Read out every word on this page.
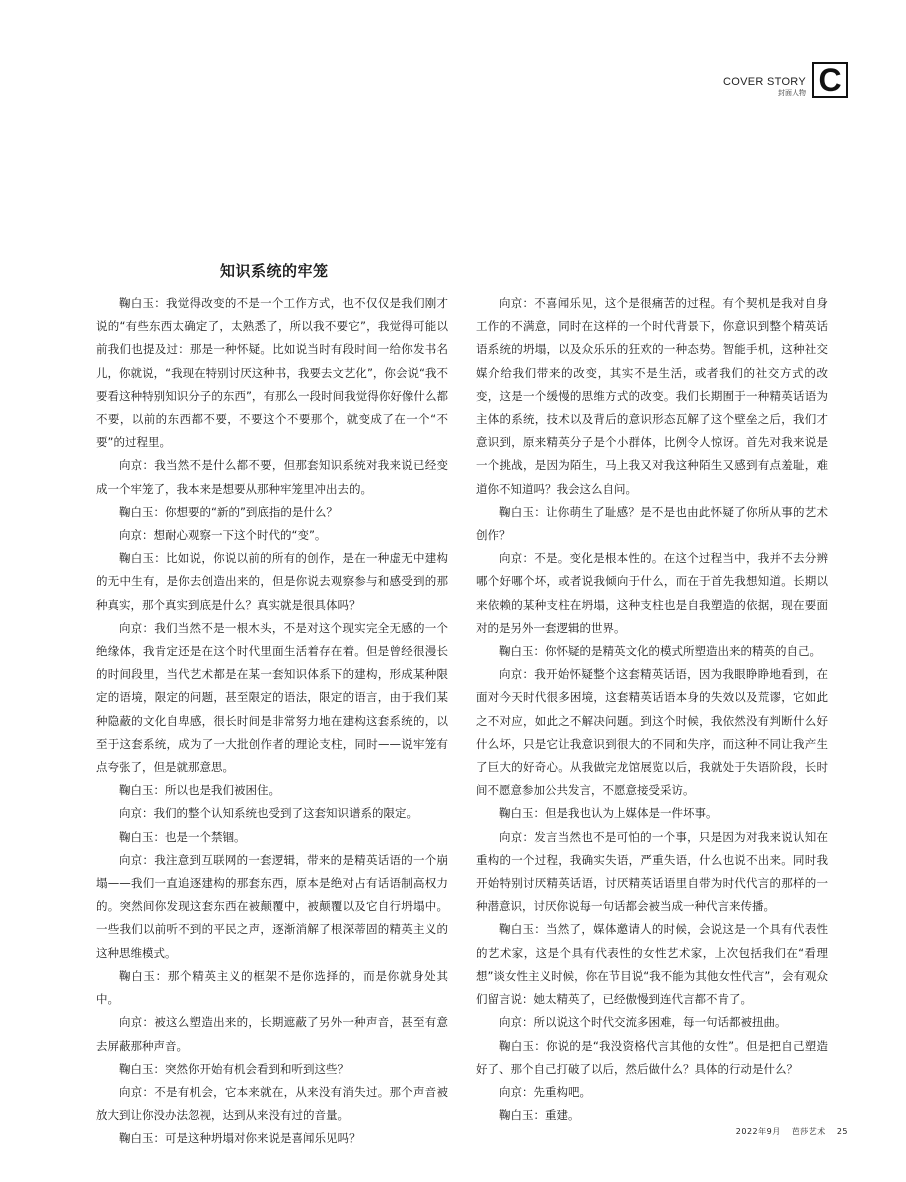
COVER STORY
封面人物 C
知识系统的牢笼

鞠白玉：我觉得改变的不是一个工作方式，也不仅仅是我们刚才说的“有些东西太确定了，太熟悉了，所以我不要它”，我觉得可能以前我们也提及过：那是一种怀疑。比如说当时有段时间一给你发书名儿，你就说，“我现在特别讨厌这种书，我要去文艺化”，你会说“我不要看这种特别知识分子的东西”，有那么一段时间我觉得你好像什么都不要，以前的东西都不要，不要这个不要那个，就变成了在一个“不要”的过程里。

向京：我当然不是什么都不要，但那套知识系统对我来说已经变成一个牢笼了，我本来是想要从那种牢笼里冲出去的。

鞠白玉：你想要的“新的”到底指的是什么？

向京：想耐心观察一下这个时代的“变”。

鞠白玉：比如说，你说以前的所有的创作，是在一种虚无中建构的无中生有，是你去创造出来的，但是你说去观察参与和感受到的那种真实，那个真实到底是什么？真实就是很具体吗？

向京：我们当然不是一根木头，不是对这个现实完全无感的一个绝缘体，我肯定还是在这个时代里面生活着存在着。但是曾经很漫长的时间段里，当代艺术都是在某一套知识体系下的建构，形成某种限定的语境，限定的问题，甚至限定的语法，限定的语言，由于我们某种隐蔽的文化自卑感，很长时间是非常努力地在建构这套系统的，以至于这套系统，成为了一大批创作者的理论支柱，同时——说牢笼有点夸张了，但是就那意思。

鞠白玉：所以也是我们被困住。

向京：我们的整个认知系统也受到了这套知识谱系的限定。

鞠白玉：也是一个禁锢。

向京：我注意到互联网的一套逻辑，带来的是精英话语的一个崩塌——我们一直追逐建构的那套东西，原本是绝对占有话语制高权力的。突然间你发现这套东西在被颠覆中，被颠覆以及它自行坍塌中。一些我们以前听不到的平民之声，逐渐消解了根深蒂固的精英主义的这种思维模式。

鞠白玉：那个精英主义的框架不是你选择的，而是你就身处其中。

向京：被这么塑造出来的，长期遮蔽了另外一种声音，甚至有意去屏蔽那种声音。

鞠白玉：突然你开始有机会看到和听到这些？

向京：不是有机会，它本来就在，从来没有消失过。那个声音被放大到让你没办法忽视，达到从来没有过的音量。

鞠白玉：可是这种坍塌对你来说是喜闻乐见吗？

向京：不喜闻乐见，这个是很痛苦的过程。有个契机是我对自身工作的不满意，同时在这样的一个时代背景下，你意识到整个精英话语系统的坍塌，以及众乐乐的狂欢的一种态势。智能手机，这种社交媒介给我们带来的改变，其实不是生活，或者我们的社交方式的改变，这是一个缓慢的思维方式的改变。我们长期囿于一种精英话语为主体的系统，技术以及背后的意识形态瓦解了这个壁垒之后，我们才意识到，原来精英分子是个小群体，比例令人惊讶。首先对我来说是一个挑战，是因为陌生，马上我又对我这种陌生又感到有点羞耻，难道你不知道吗？我会这么自问。

鞠白玉：让你萌生了耻感？是不是也由此怀疑了你所从事的艺术创作？

向京：不是。变化是根本性的。在这个过程当中，我并不去分辨哪个好哪个坏，或者说我倾向于什么，而在于首先我想知道。长期以来依赖的某种支柱在坍塌，这种支柱也是自我塑造的依据，现在要面对的是另外一套逻辑的世界。

鞠白玉：你怀疑的是精英文化的模式所塑造出来的精英的自己。

向京：我开始怀疑整个这套精英话语，因为我眼睁睁地看到，在面对今天时代很多困境，这套精英话语本身的失效以及荒谬，它如此之不对应，如此之不解决问题。到这个时候，我依然没有判断什么好什么坏，只是它让我意识到很大的不同和失序，而这种不同让我产生了巨大的好奇心。从我做完龙馆展览以后，我就处于失语阶段，长时间不愿意参加公共发言，不愿意接受采访。

鞠白玉：但是我也认为上媒体是一件坏事。

向京：发言当然也不是可怕的一个事，只是因为对我来说认知在重构的一个过程，我确实失语，严重失语，什么也说不出来。同时我开始特别讨厌精英话语，讨厌精英话语里自带为时代代言的那样的一种潜意识，讨厌你说每一句话都会被当成一种代言来传播。

鞠白玉：当然了，媒体邀请人的时候，会说这是一个具有代表性的艺术家，这是个具有代表性的女性艺术家，上次包括我们在“看理想”谈女性主义时候，你在节目说“我不能为其他女性代言”，会有观众们留言说：她太精英了，已经傲慢到连代言都不肯了。

向京：所以说这个时代交流多困难，每一句话都被扭曲。

鞠白玉：你说的是“我没资格代言其他的女性”。但是把自己塑造好了、那个自己打破了以后，然后做什么？具体的行动是什么？

向京：先重构吧。

鞠白玉：重建。

2022年9月 芭莎艺术 25
